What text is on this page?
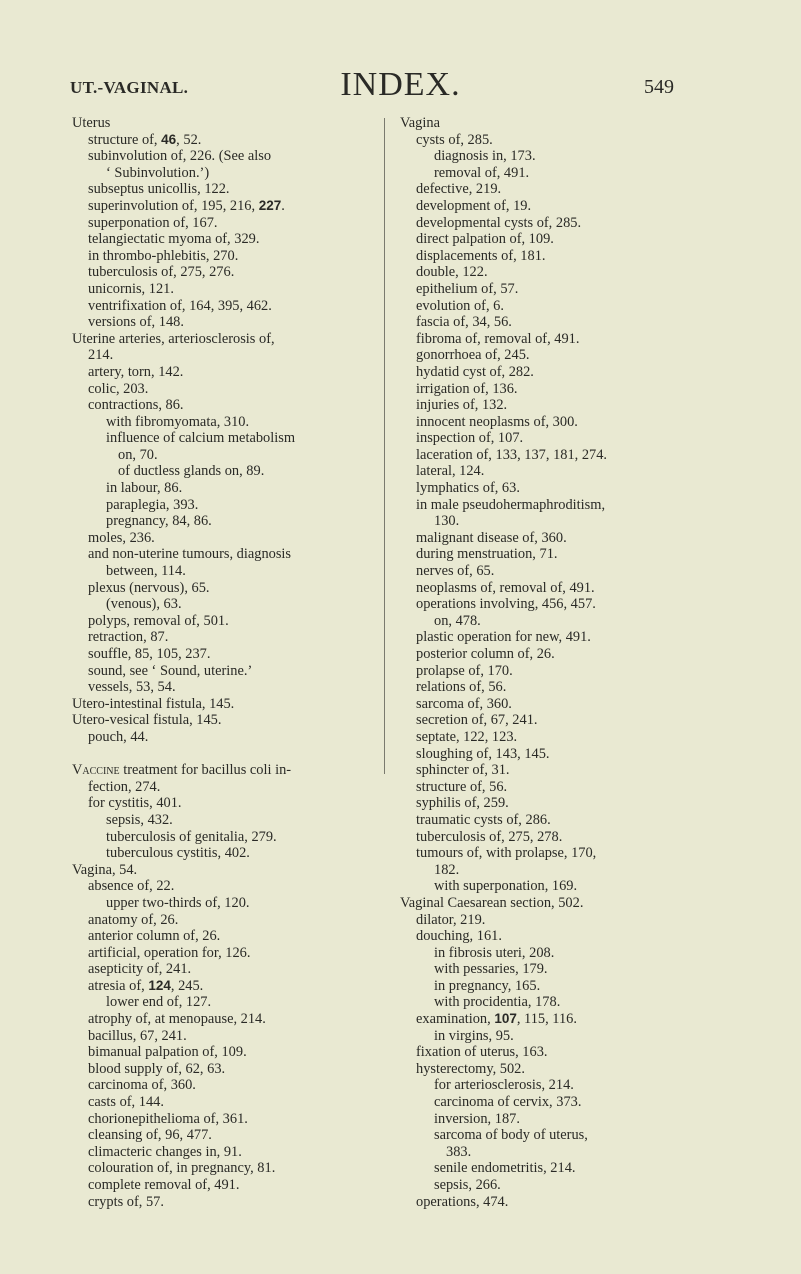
UT.-VAGINAL.	INDEX.	549
Uterus
structure of, 46, 52.
subinvolution of, 226. (See also
‘ Subinvolution.’)
subseptus unicollis, 122.
superinvolution of, 195, 216, 227.
superponation of, 167.
telangiectatic myoma of, 329.
in thrombo-phlebitis, 270.
tuberculosis of, 275, 276.
unicornis, 121.
ventrifixation of, 164, 395, 462.
versions of, 148.
Uterine arteries, arteriosclerosis of,
214.
artery, torn, 142.
colic, 203.
contractions, 86.
with fibromyomata, 310.
influence of calcium metabolism
on, 70.
of ductless glands on, 89.
in labour, 86.
paraplegia, 393.
pregnancy, 84, 86.
moles, 236.
and non-uterine tumours, diagnosis
between, 114.
plexus (nervous), 65.
(venous), 63.
polyps, removal of, 501.
retraction, 87.
souffle, 85, 105, 237.
sound, see ‘ Sound, uterine.’
vessels, 53, 54.
Utero-intestinal fistula, 145.
Utero-vesical fistula, 145.
pouch, 44.
Vaccine treatment for bacillus coli in-
fection, 274.
for cystitis, 401.
sepsis, 432.
tuberculosis of genitalia, 279.
tuberculous cystitis, 402.
Vagina, 54.
absence of, 22.
upper two-thirds of, 120.
anatomy of, 26.
anterior column of, 26.
artificial, operation for, 126.
asepticity of, 241.
atresia of, 124, 245.
lower end of, 127.
atrophy of, at menopause, 214.
bacillus, 67, 241.
bimanual palpation of, 109.
blood supply of, 62, 63.
carcinoma of, 360.
casts of, 144.
chorionepithelioma of, 361.
cleansing of, 96, 477.
climacteric changes in, 91.
colouration of, in pregnancy, 81.
complete removal of, 491.
crypts of, 57.
Vagina
cysts of, 285.
diagnosis in, 173.
removal of, 491.
defective, 219.
development of, 19.
developmental cysts of, 285.
direct palpation of, 109.
displacements of, 181.
double, 122.
epithelium of, 57.
evolution of, 6.
fascia of, 34, 56.
fibroma of, removal of, 491.
gonorrhoea of, 245.
hydatid cyst of, 282.
irrigation of, 136.
injuries of, 132.
innocent neoplasms of, 300.
inspection of, 107.
laceration of, 133, 137, 181, 274.
lateral, 124.
lymphatics of, 63.
in male pseudohermaphroditism,
130.
malignant disease of, 360.
during menstruation, 71.
nerves of, 65.
neoplasms of, removal of, 491.
operations involving, 456, 457.
on, 478.
plastic operation for new, 491.
posterior column of, 26.
prolapse of, 170.
relations of, 56.
sarcoma of, 360.
secretion of, 67, 241.
septate, 122, 123.
sloughing of, 143, 145.
sphincter of, 31.
structure of, 56.
syphilis of, 259.
traumatic cysts of, 286.
tuberculosis of, 275, 278.
tumours of, with prolapse, 170,
182.
with superponation, 169.
Vaginal Caesarean section, 502.
dilator, 219.
douching, 161.
in fibrosis uteri, 208.
with pessaries, 179.
in pregnancy, 165.
with procidentia, 178.
examination, 107, 115, 116.
in virgins, 95.
fixation of uterus, 163.
hysterectomy, 502.
for arteriosclerosis, 214.
carcinoma of cervix, 373.
inversion, 187.
sarcoma of body of uterus,
383.
senile endometritis, 214.
sepsis, 266.
operations, 474.
